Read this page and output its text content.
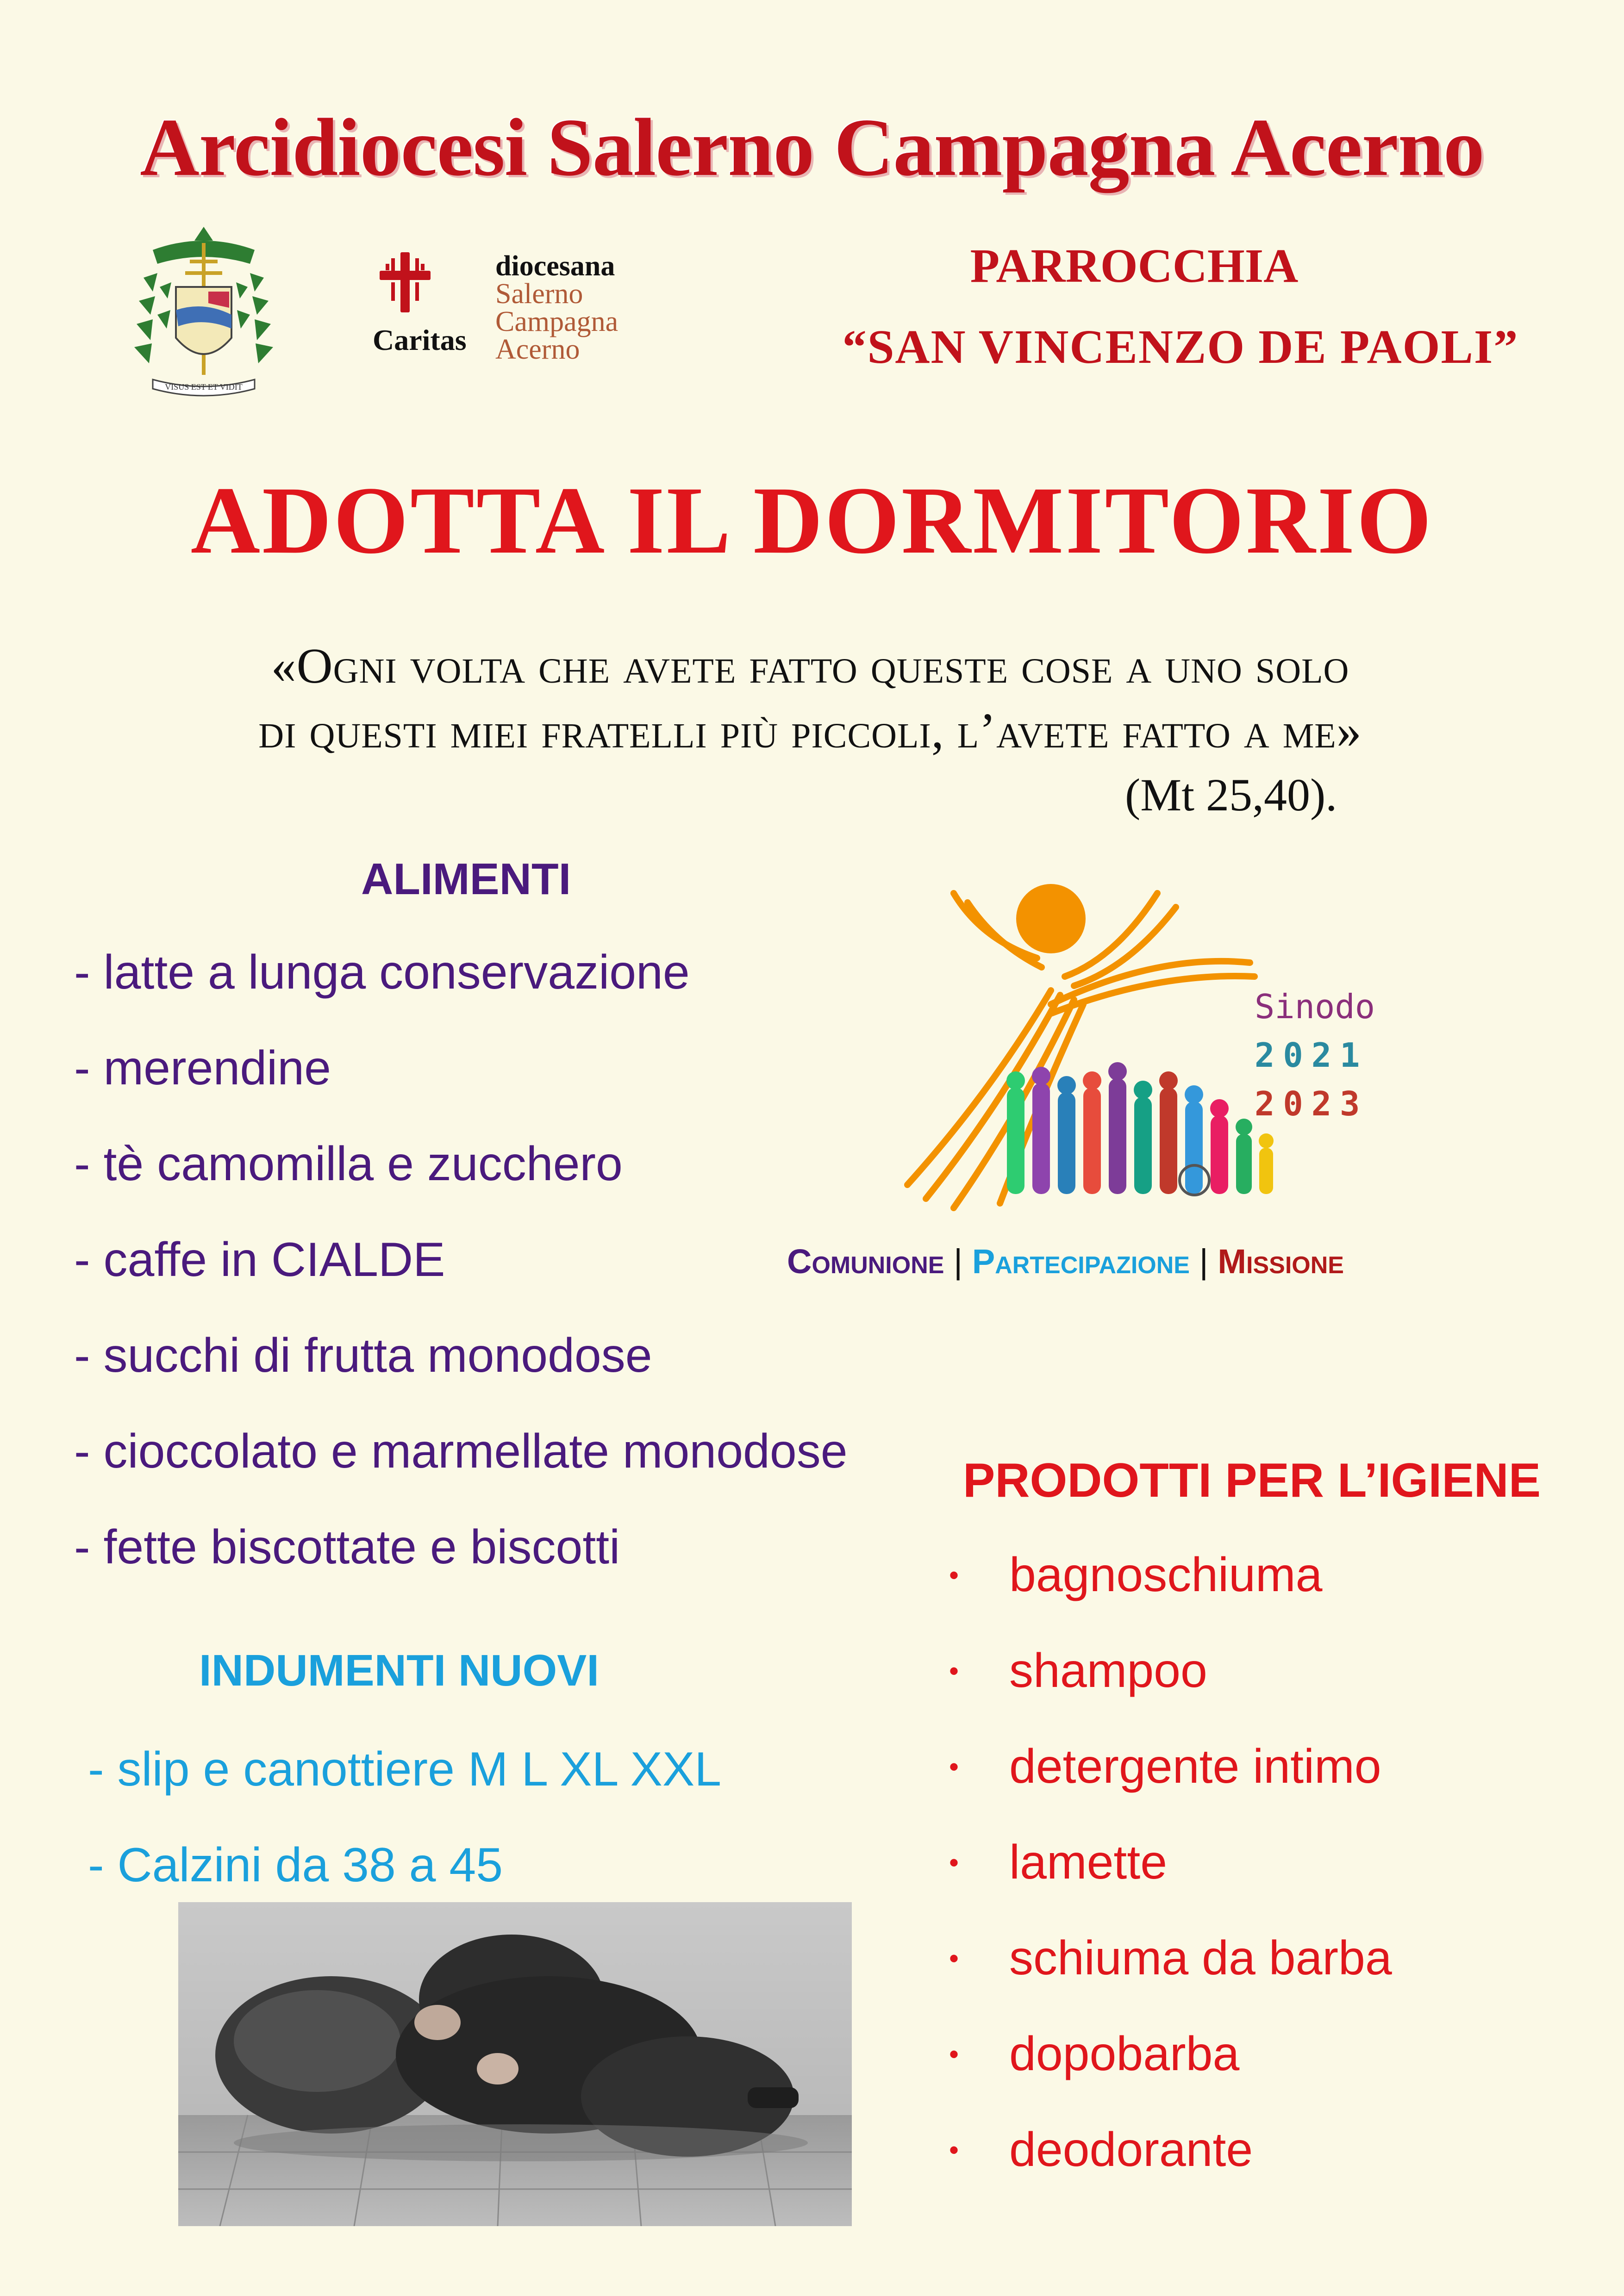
Arcidiocesi Salerno Campagna Acerno
VISUS EST ET VIDIT
Caritas
diocesana
Salerno
Campagna
Acerno
PARROCCHIA
“SAN VINCENZO DE PAOLI”
ADOTTA IL DORMITORIO
«Ogni volta che avete fatto queste cose a uno solo
di questi miei fratelli più piccoli, l’avete fatto a me»
(Mt 25,40).
ALIMENTI
- latte a lunga conservazione
- merendine
- tè camomilla e zucchero
- caffe in CIALDE
- succhi di frutta monodose
- cioccolato e marmellate monodose
- fette biscottate e biscotti
Sinodo
2021
2023
Comunione | Partecipazione | Missione
INDUMENTI NUOVI
- slip e canottiere M L XL XXL
- Calzini da 38 a 45
PRODOTTI PER L’IGIENE
• bagnoschiuma
• shampoo
• detergente intimo
• lamette
• schiuma da barba
• dopobarba
• deodorante
